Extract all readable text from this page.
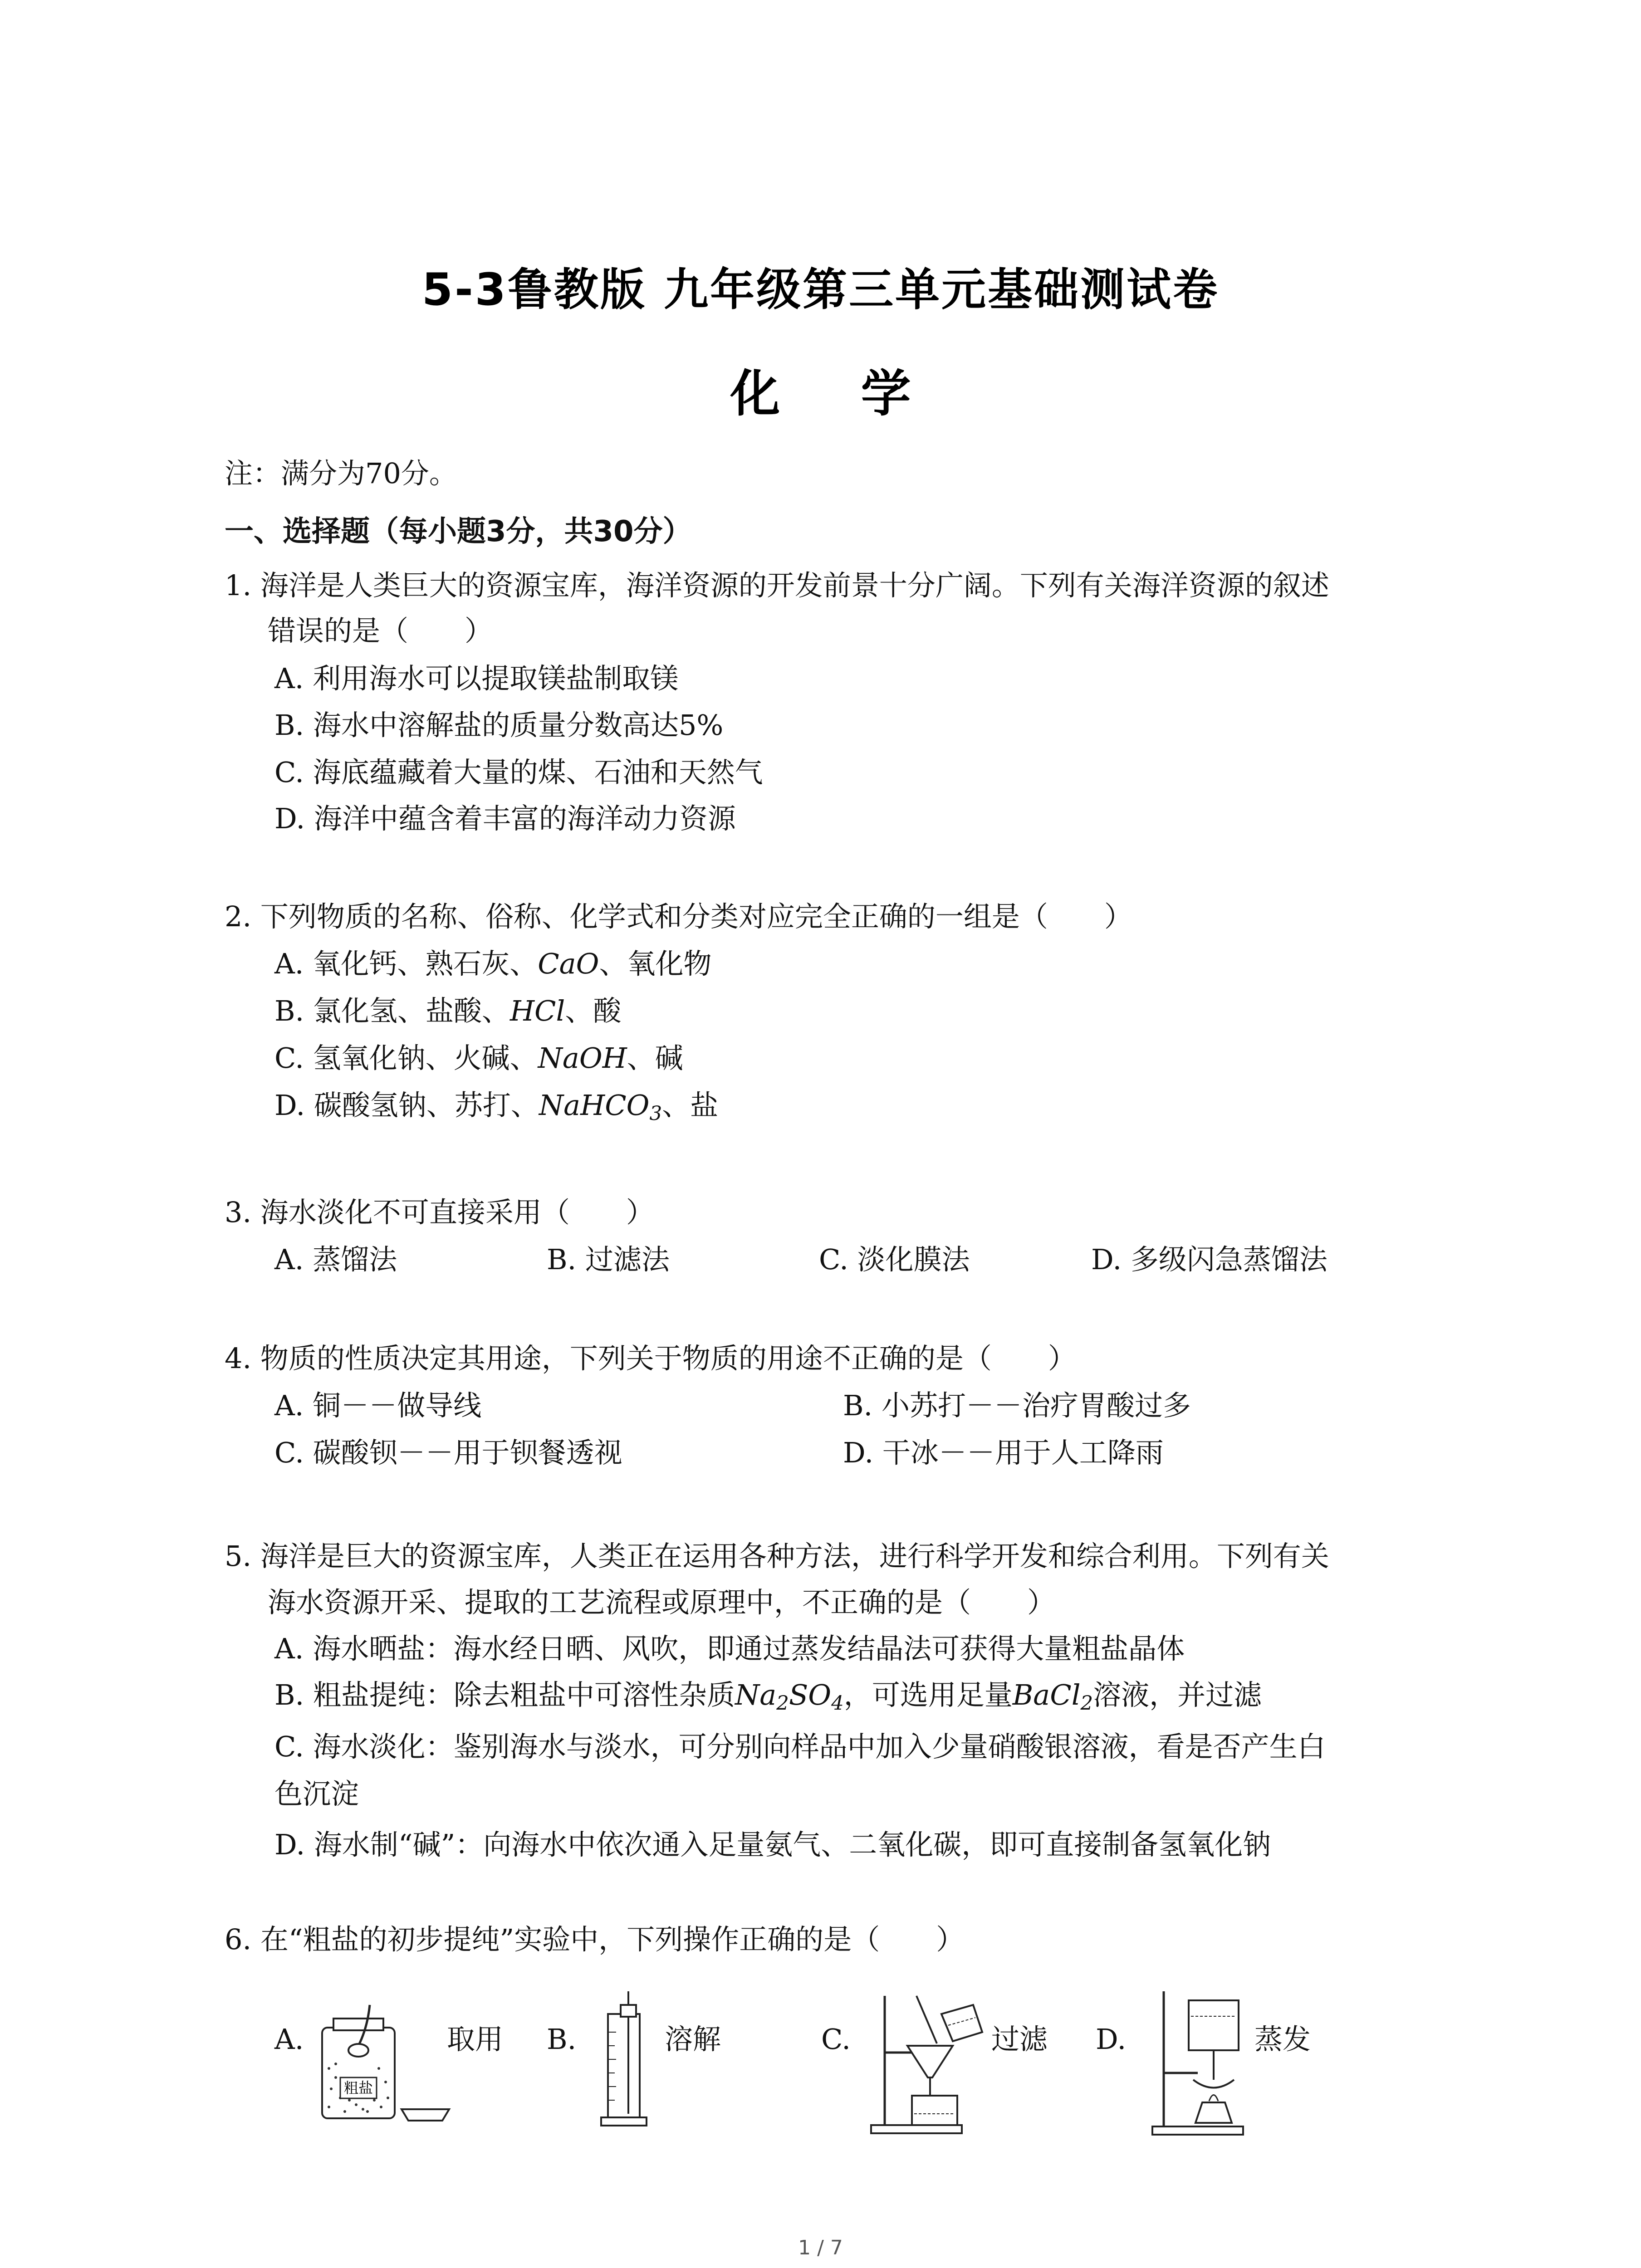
5-3鲁教版 九年级第三单元基础测试卷
化 学
注：满分为70分。
一、选择题（每小题3分，共30分）
1. 海洋是人类巨大的资源宝库，海洋资源的开发前景十分广阔。下列有关海洋资源的叙述
错误的是（　　）
A. 利用海水可以提取镁盐制取镁
B. 海水中溶解盐的质量分数高达5%
C. 海底蕴藏着大量的煤、石油和天然气
D. 海洋中蕴含着丰富的海洋动力资源
2. 下列物质的名称、俗称、化学式和分类对应完全正确的一组是（　　）
A. 氧化钙、熟石灰、CaO、氧化物
B. 氯化氢、盐酸、HCl、酸
C. 氢氧化钠、火碱、NaOH、碱
D. 碳酸氢钠、苏打、NaHCO$_3$、盐
3. 海水淡化不可直接采用（　　）
A. 蒸馏法	B. 过滤法	C. 淡化膜法	D. 多级闪急蒸馏法
4. 物质的性质决定其用途，下列关于物质的用途不正确的是（　　）
A. 铜－－做导线	B. 小苏打－－治疗胃酸过多
C. 碳酸钡－－用于钡餐透视	D. 干冰－－用于人工降雨
5. 海洋是巨大的资源宝库，人类正在运用各种方法，进行科学开发和综合利用。下列有关
海水资源开采、提取的工艺流程或原理中，不正确的是（　　）
A. 海水晒盐：海水经日晒、风吹，即通过蒸发结晶法可获得大量粗盐晶体
B. 粗盐提纯：除去粗盐中可溶性杂质$Na_2SO_4$，可选用足量BaCl$_2$溶液，并过滤
C. 海水淡化：鉴别海水与淡水，可分别向样品中加入少量硝酸银溶液，看是否产生白
色沉淀
D. 海水制“碱”：向海水中依次通入足量氨气、二氧化碳，即可直接制备氢氧化钠
6. 在“粗盐的初步提纯”实验中，下列操作正确的是（　　）
A.
粗盐
取用 B.	溶解	C.	过滤 D.	蒸发
1 / 7
